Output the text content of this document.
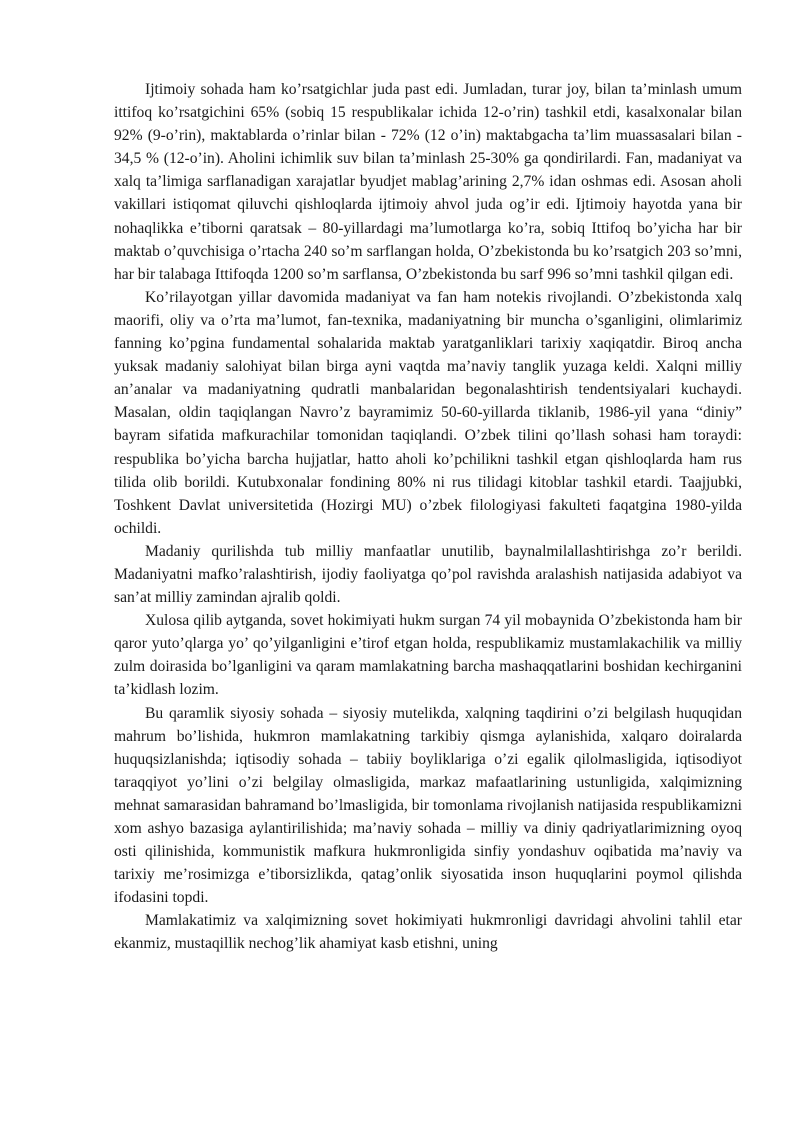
Ijtimoiy sohada ham ko’rsatgichlar juda past edi. Jumladan, turar joy, bilan ta’minlash umum ittifoq ko’rsatgichini 65% (sobiq 15 respublikalar ichida 12-o’rin) tashkil etdi, kasalxonalar bilan 92% (9-o’rin), maktablarda o’rinlar bilan - 72% (12 o’in) maktabgacha ta’lim muassasalari bilan - 34,5 % (12-o’in). Aholini ichimlik suv bilan ta’minlash 25-30% ga qondirilardi. Fan, madaniyat va xalq ta’limiga sarflanadigan xarajatlar byudjet mablag’arining 2,7% idan oshmas edi. Asosan aholi vakillari istiqomat qiluvchi qishloqlarda ijtimoiy ahvol juda og’ir edi. Ijtimoiy hayotda yana bir nohaqlikka e’tiborni qaratsak – 80-yillardagi ma’lumotlarga ko’ra, sobiq Ittifoq bo’yicha har bir maktab o’quvchisiga o’rtacha 240 so’m sarflangan holda, O’zbekistonda bu ko’rsatgich 203 so’mni, har bir talabaga Ittifoqda 1200 so’m sarflansa, O’zbekistonda bu sarf 996 so’mni tashkil qilgan edi.

Ko’rilayotgan yillar davomida madaniyat va fan ham notekis rivojlandi. O’zbekistonda xalq maorifi, oliy va o’rta ma’lumot, fan-texnika, madaniyatning bir muncha o’sganligini, olimlarimiz fanning ko’pgina fundamental sohalarida maktab yaratganliklari tarixiy xaqiqatdir. Biroq ancha yuksak madaniy salohiyat bilan birga ayni vaqtda ma’naviy tanglik yuzaga keldi. Xalqni milliy an’analar va madaniyatning qudratli manbalaridan begonalashtirish tendentsiyalari kuchaydi. Masalan, oldin taqiqlangan Navro’z bayramimiz 50-60-yillarda tiklanib, 1986-yil yana “diniy” bayram sifatida mafkurachilar tomonidan taqiqlandi. O’zbek tilini qo’llash sohasi ham toraydi: respublika bo’yicha barcha hujjatlar, hatto aholi ko’pchilikni tashkil etgan qishloqlarda ham rus tilida olib borildi. Kutubxonalar fondining 80% ni rus tilidagi kitoblar tashkil etardi. Taajjubki, Toshkent Davlat universitetida (Hozirgi MU) o’zbek filologiyasi fakulteti faqatgina 1980-yilda ochildi.

Madaniy qurilishda tub milliy manfaatlar unutilib, baynalmilallashtirishga zo’r berildi. Madaniyatni mafko’ralashtirish, ijodiy faoliyatga qo’pol ravishda aralashish natijasida adabiyot va san’at milliy zamindan ajralib qoldi.

Xulosa qilib aytganda, sovet hokimiyati hukm surgan 74 yil mobaynida O’zbekistonda ham bir qaror yuto’qlarga yo’ qo’yilganligini e’tirof etgan holda, respublikamiz mustamlakachilik va milliy zulm doirasida bo’lganligini va qaram mamlakatning barcha mashaqqatlarini boshidan kechirganini ta’kidlash lozim.

Bu qaramlik siyosiy sohada – siyosiy mutelikda, xalqning taqdirini o’zi belgilash huquqidan mahrum bo’lishida, hukmron mamlakatning tarkibiy qismga aylanishida, xalqaro doiralarda huquqsizlanishda; iqtisodiy sohada – tabiiy boyliklariga o’zi egalik qilolmasligida, iqtisodiyot taraqqiyot yo’lini o’zi belgilay olmasligida, markaz mafaatlarining ustunligida, xalqimizning mehnat samarasidan bahramand bo’lmasligida, bir tomonlama rivojlanish natijasida respublikamizni xom ashyo bazasiga aylantirilishida; ma’naviy sohada – milliy va diniy qadriyatlarimizning oyoq osti qilinishida, kommunistik mafkura hukmronligida sinfiy yondashuv oqibatida ma’naviy va tarixiy me’rosimizga e’tiborsizlikda, qatag’onlik siyosatida inson huquqlarini poymol qilishda ifodasini topdi.

Mamlakatimiz va xalqimizning sovet hokimiyati hukmronligi davridagi ahvolini tahlil etar ekanmiz, mustaqillik nechog’lik ahamiyat kasb etishni, uning
